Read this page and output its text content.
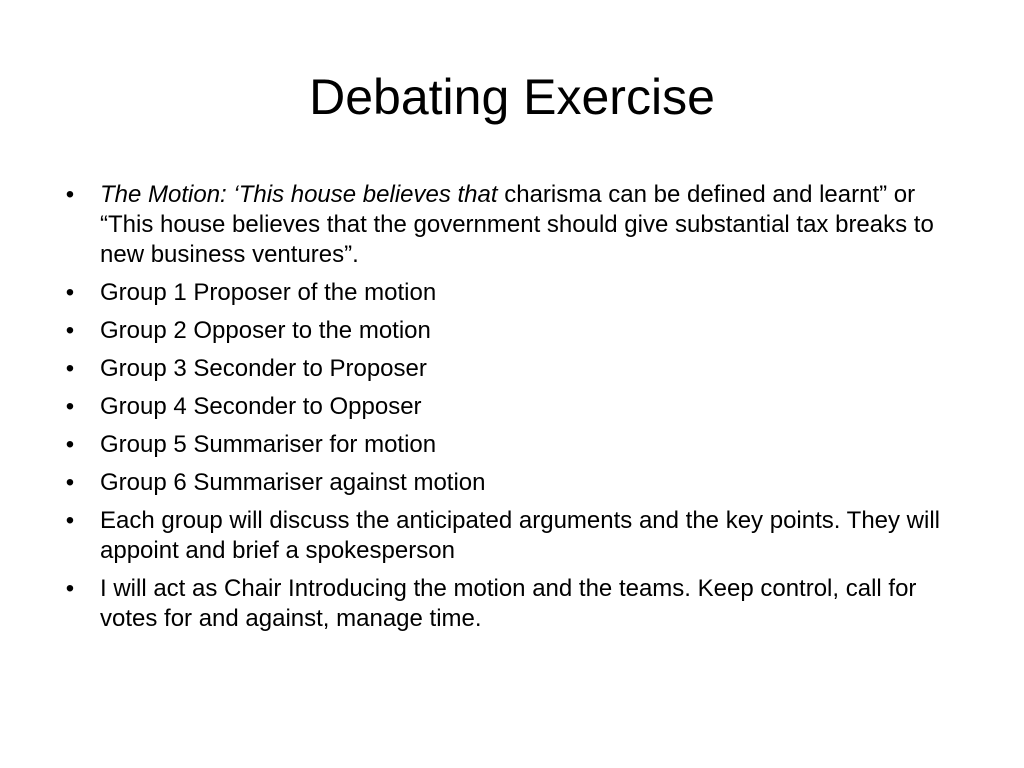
Debating Exercise
• The Motion: ‘This house believes that charisma can be defined and learnt” or “This house believes that the government should give substantial tax breaks to new business ventures”.
• Group 1 Proposer of the motion
• Group 2 Opposer to the motion
• Group 3 Seconder to Proposer
• Group 4 Seconder to Opposer
• Group 5 Summariser for motion
• Group 6 Summariser against motion
• Each group will discuss the anticipated arguments and the key points. They will appoint and brief a spokesperson
• I will act as Chair Introducing the motion and the teams. Keep control, call for votes for and against, manage time.
